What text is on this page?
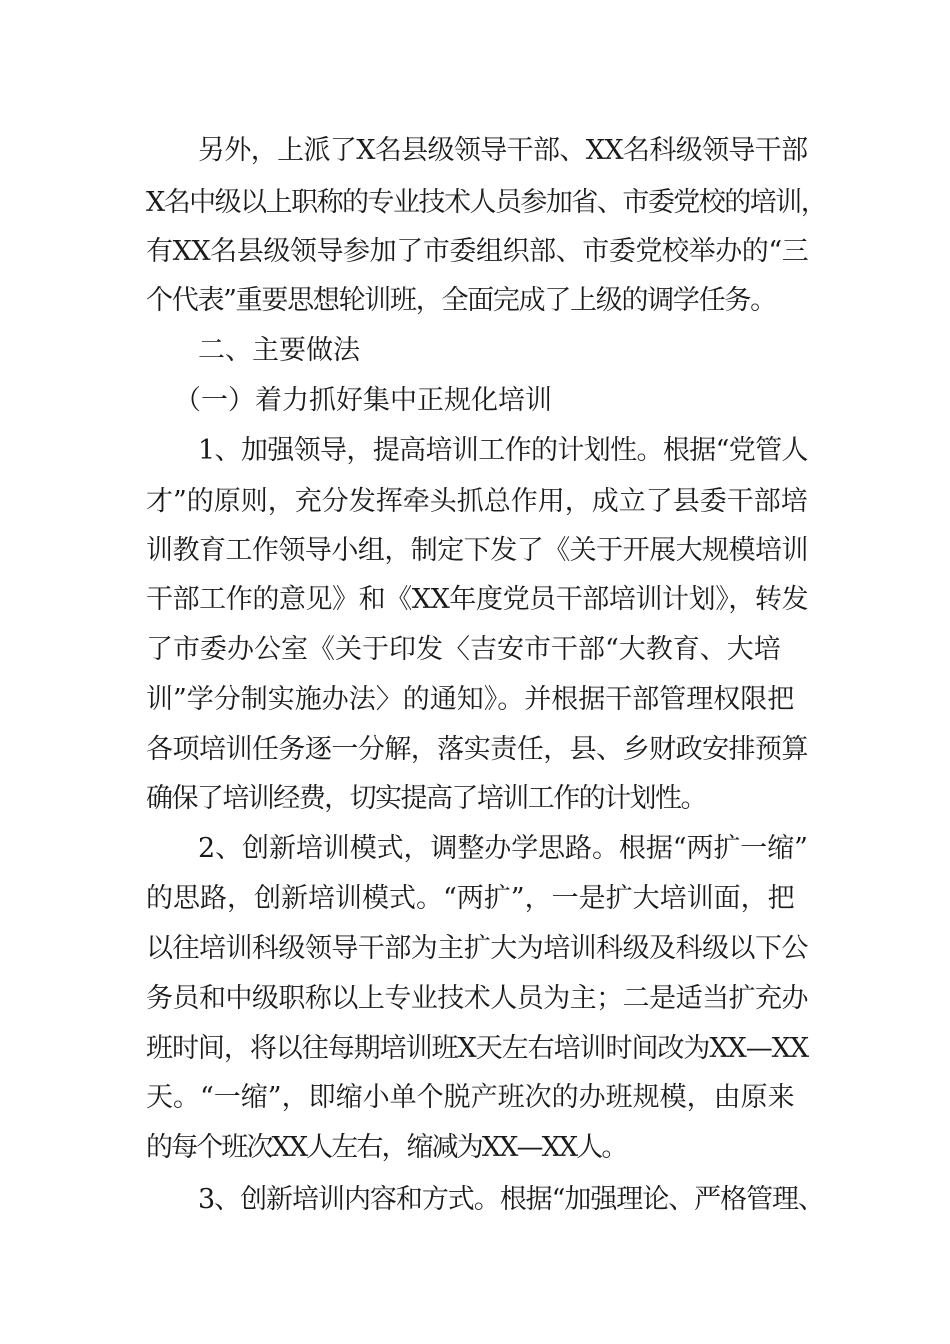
另外，上派了X名县级领导干部、XX名科级领导干部
X名中级以上职称的专业技术人员参加省、市委党校的培训，
有XX名县级领导参加了市委组织部、市委党校举办的“三
个代表”重要思想轮训班，全面完成了上级的调学任务。
二、主要做法
（一）着力抓好集中正规化培训
1、加强领导，提高培训工作的计划性。根据“党管人
才”的原则，充分发挥牵头抓总作用，成立了县委干部培
训教育工作领导小组，制定下发了《关于开展大规模培训
干部工作的意见》和《XX年度党员干部培训计划》，转发
了市委办公室《关于印发〈吉安市干部“大教育、大培
训”学分制实施办法〉的通知》。并根据干部管理权限把
各项培训任务逐一分解，落实责任，县、乡财政安排预算
确保了培训经费，切实提高了培训工作的计划性。
2、创新培训模式，调整办学思路。根据“两扩一缩”
的思路，创新培训模式。“两扩”，一是扩大培训面，把
以往培训科级领导干部为主扩大为培训科级及科级以下公
务员和中级职称以上专业技术人员为主；二是适当扩充办
班时间，将以往每期培训班X天左右培训时间改为XX—XX
天。“一缩”，即缩小单个脱产班次的办班规模，由原来
的每个班次XX人左右，缩减为XX—XX人。
3、创新培训内容和方式。根据“加强理论、严格管理、
